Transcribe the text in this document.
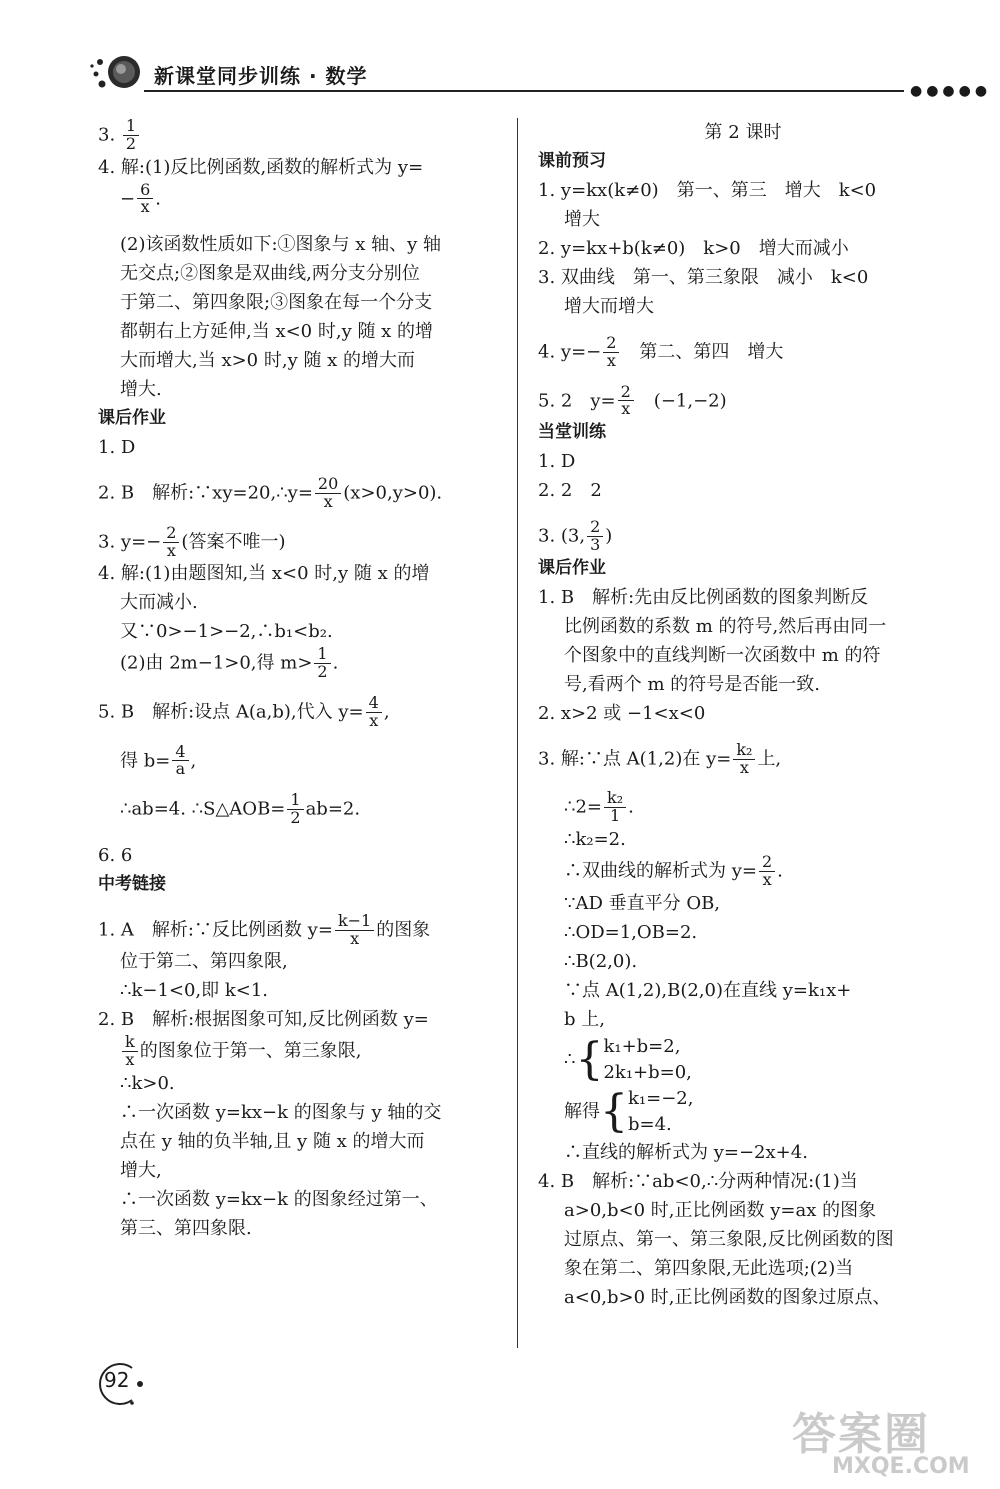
新课堂同步训练 · 数学
●●●●●
3. $\frac{1}{2}$
4. 解:(1)反比例函数,函数的解析式为 y=
− $\frac{6}{x}$ .
(2)该函数性质如下:①图象与 x 轴、y 轴
无交点;②图象是双曲线,两分支分别位
于第二、第四象限;③图象在每一个分支
都朝右上方延伸,当 x<0 时,y 随 x 的增
大而增大,当 x>0 时,y 随 x 的增大而
增大.
课后作业
1. D
2. B　解析:∵xy=20,∴y= $\frac{20}{x} (x>0,y>0)$.
3. $y=- \frac{2}{x}$ (答案不唯一)
4. 解:(1)由题图知,当 x<0 时,y 随 x 的增
大而减小.
又∵0>−1>−2,∴b₁<b₂.
(2)由 2m−1>0,得 $m> \frac{1}{2}$ .
5. B　解析:设点 A(a,b),代入 $y= \frac{4}{x}$ ,
得 $b= \frac{4}{a}$ ,
∴ab=4. ∴S△AOB= $\frac{1}{2} ab=2$.
6. 6
中考链接
1. A　解析:∵反比例函数 $y= \frac{k-1}{x}$ 的图象
位于第二、第四象限,
∴k−1<0,即 k<1.
2. B　解析:根据图象可知,反比例函数 y=
$\frac{k}{x}$ 的图象位于第一、第三象限,
∴k>0.
∴一次函数 y=kx−k 的图象与 y 轴的交
点在 y 轴的负半轴,且 y 随 x 的增大而
增大,
∴一次函数 y=kx−k 的图象经过第一、
第三、第四象限.
第 2 课时
课前预习
1. y=kx(k≠0)　第一、第三　增大　k<0
增大
2. y=kx+b(k≠0)　k>0　增大而减小
3. 双曲线　第一、第三象限　减小　k<0
增大而增大
4. $y=- \frac{2}{x}$ 　第二、第四　增大
5. 2　$y= \frac{2}{x}$ 　(−1,−2)
当堂训练
1. D
2. 2　2
3. (3, $\frac{2}{3}$ )
课后作业
1. B　解析:先由反比例函数的图象判断反
比例函数的系数 m 的符号,然后再由同一
个图象中的直线判断一次函数中 m 的符
号,看两个 m 的符号是否能一致.
2. x>2 或 −1<x<0
3. 解:∵点 A(1,2)在 $y= \frac{\text{k₂}}{x}$ 上,
∴2= $\frac{\text{k₂}}{1}$ .
∴k₂=2.
∴双曲线的解析式为 $y= \frac{2}{x}$ .
∵AD 垂直平分 OB,
∴OD=1,OB=2.
∴B(2,0).
∵点 A(1,2),B(2,0)在直线 y=k₁x+
b 上,
∴{ k₁+b=2,
2k₁+b=0,
解得{ k₁=−2,
b=4.
∴直线的解析式为 y=−2x+4.
4. B　解析:∵ab<0,∴分两种情况:(1)当
a>0,b<0 时,正比例函数 y=ax 的图象
过原点、第一、第三象限,反比例函数的图
象在第二、第四象限,无此选项;(2)当
a<0,b>0 时,正比例函数的图象过原点、
92
答案圈
MXQE.COM
